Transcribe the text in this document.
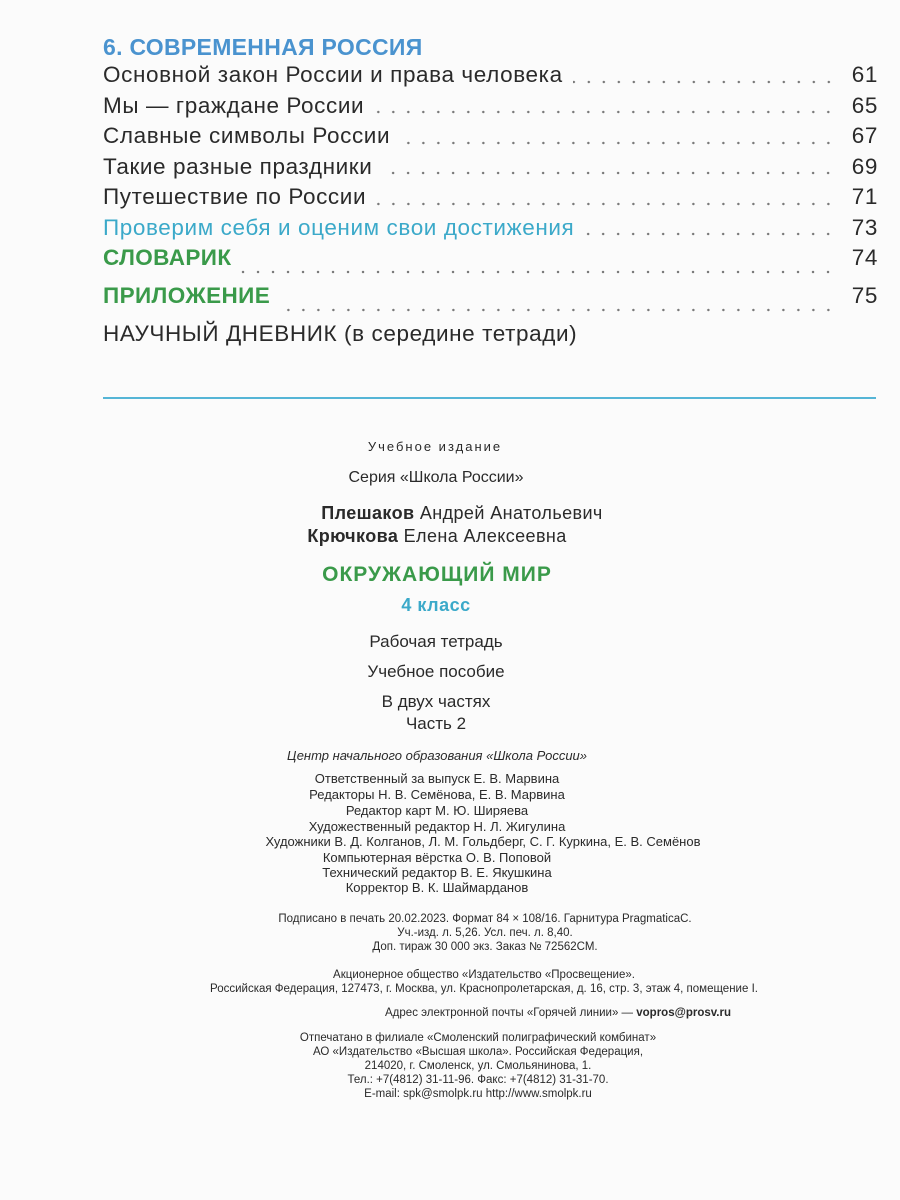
6. СОВРЕМЕННАЯ РОССИЯ
Основной закон России и права человека	61
Мы — граждане России	65
Славные символы России	67
Такие разные праздники	69
Путешествие по России	71
Проверим себя и оценим свои достижения	73
СЛОВАРИК	74
ПРИЛОЖЕНИЕ	75
НАУЧНЫЙ ДНЕВНИК (в середине тетради)
Учебное издание
Серия «Школа России»
Плешаков Андрей Анатольевич
Крючкова Елена Алексеевна
ОКРУЖАЮЩИЙ МИР
4 класс
Рабочая тетрадь
Учебное пособие
В двух частях
Часть 2
Центр начального образования «Школа России»
Ответственный за выпуск Е. В. Марвина
Редакторы Н. В. Семёнова, Е. В. Марвина
Редактор карт М. Ю. Ширяева
Художественный редактор Н. Л. Жигулина
Художники В. Д. Колганов, Л. М. Гольдберг, С. Г. Куркина, Е. В. Семёнов
Компьютерная вёрстка О. В. Поповой
Технический редактор В. Е. Якушкина
Корректор В. К. Шаймарданов
Подписано в печать 20.02.2023. Формат 84 × 108/16. Гарнитура PragmaticaC.
Уч.-изд. л. 5,26. Усл. печ. л. 8,40.
Доп. тираж 30 000 экз. Заказ № 72562СМ.
Акционерное общество «Издательство «Просвещение».
Российская Федерация, 127473, г. Москва, ул. Краснопролетарская, д. 16, стр. 3, этаж 4, помещение I.
Адрес электронной почты «Горячей линии» — vopros@prosv.ru
Отпечатано в филиале «Смоленский полиграфический комбинат»
АО «Издательство «Высшая школа». Российская Федерация,
214020, г. Смоленск, ул. Смольянинова, 1.
Тел.: +7(4812) 31-11-96. Факс: +7(4812) 31-31-70.
E-mail: spk@smolpk.ru http://www.smolpk.ru
